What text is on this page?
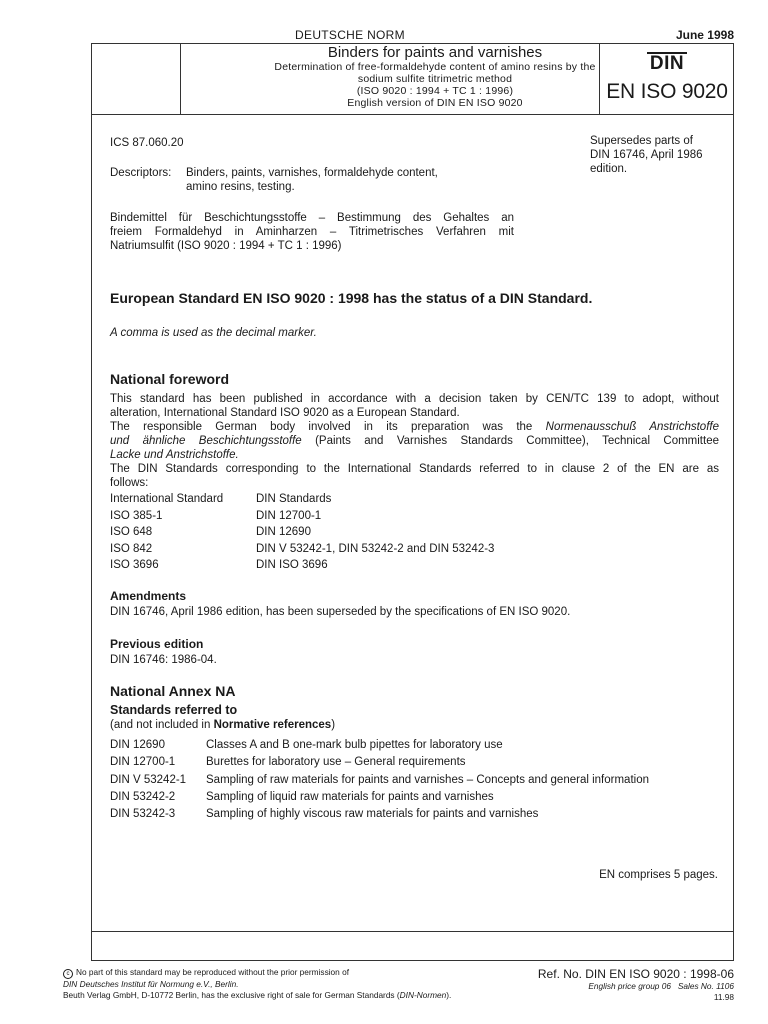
DEUTSCHE NORM	June 1998
Binders for paints and varnishes
Determination of free-formaldehyde content of amino resins by the
sodium sulfite titrimetric method
(ISO 9020 : 1994 + TC 1 : 1996)
English version of DIN EN ISO 9020
DIN
EN ISO 9020
ICS 87.060.20
Descriptors: Binders, paints, varnishes, formaldehyde content,
amino resins, testing.
Supersedes parts of
DIN 16746, April 1986
edition.
Bindemittel für Beschichtungsstoffe – Bestimmung des Gehaltes an
freiem Formaldehyd in Aminharzen – Titrimetrisches Verfahren mit
Natriumsulfit (ISO 9020 : 1994 + TC 1 : 1996)
European Standard EN ISO 9020 : 1998 has the status of a DIN Standard.
A comma is used as the decimal marker.
National foreword
This standard has been published in accordance with a decision taken by CEN/TC 139 to adopt, without
alteration, International Standard ISO 9020 as a European Standard.
The responsible German body involved in its preparation was the Normenausschuß Anstrichstoffe
und ähnliche Beschichtungsstoffe (Paints and Varnishes Standards Committee), Technical Committee
Lacke und Anstrichstoffe.
The DIN Standards corresponding to the International Standards referred to in clause 2 of the EN are as
follows:
International Standard	DIN Standards
ISO 385-1	DIN 12700-1
ISO 648	DIN 12690
ISO 842	DIN V 53242-1, DIN 53242-2 and DIN 53242-3
ISO 3696	DIN ISO 3696
Amendments
DIN 16746, April 1986 edition, has been superseded by the specifications of EN ISO 9020.
Previous edition
DIN 16746: 1986-04.
National Annex NA
Standards referred to
(and not included in Normative references)
DIN 12690	Classes A and B one-mark bulb pipettes for laboratory use
DIN 12700-1	Burettes for laboratory use – General requirements
DIN V 53242-1	Sampling of raw materials for paints and varnishes – Concepts and general information
DIN 53242-2	Sampling of liquid raw materials for paints and varnishes
DIN 53242-3	Sampling of highly viscous raw materials for paints and varnishes
EN comprises 5 pages.
c No part of this standard may be reproduced without the prior permission of
DIN Deutsches Institut für Normung e.V., Berlin.
Beuth Verlag GmbH, D-10772 Berlin, has the exclusive right of sale for German Standards (DIN-Normen).
Ref. No. DIN EN ISO 9020 : 1998-06
English price group 06 Sales No. 1106
11.98
